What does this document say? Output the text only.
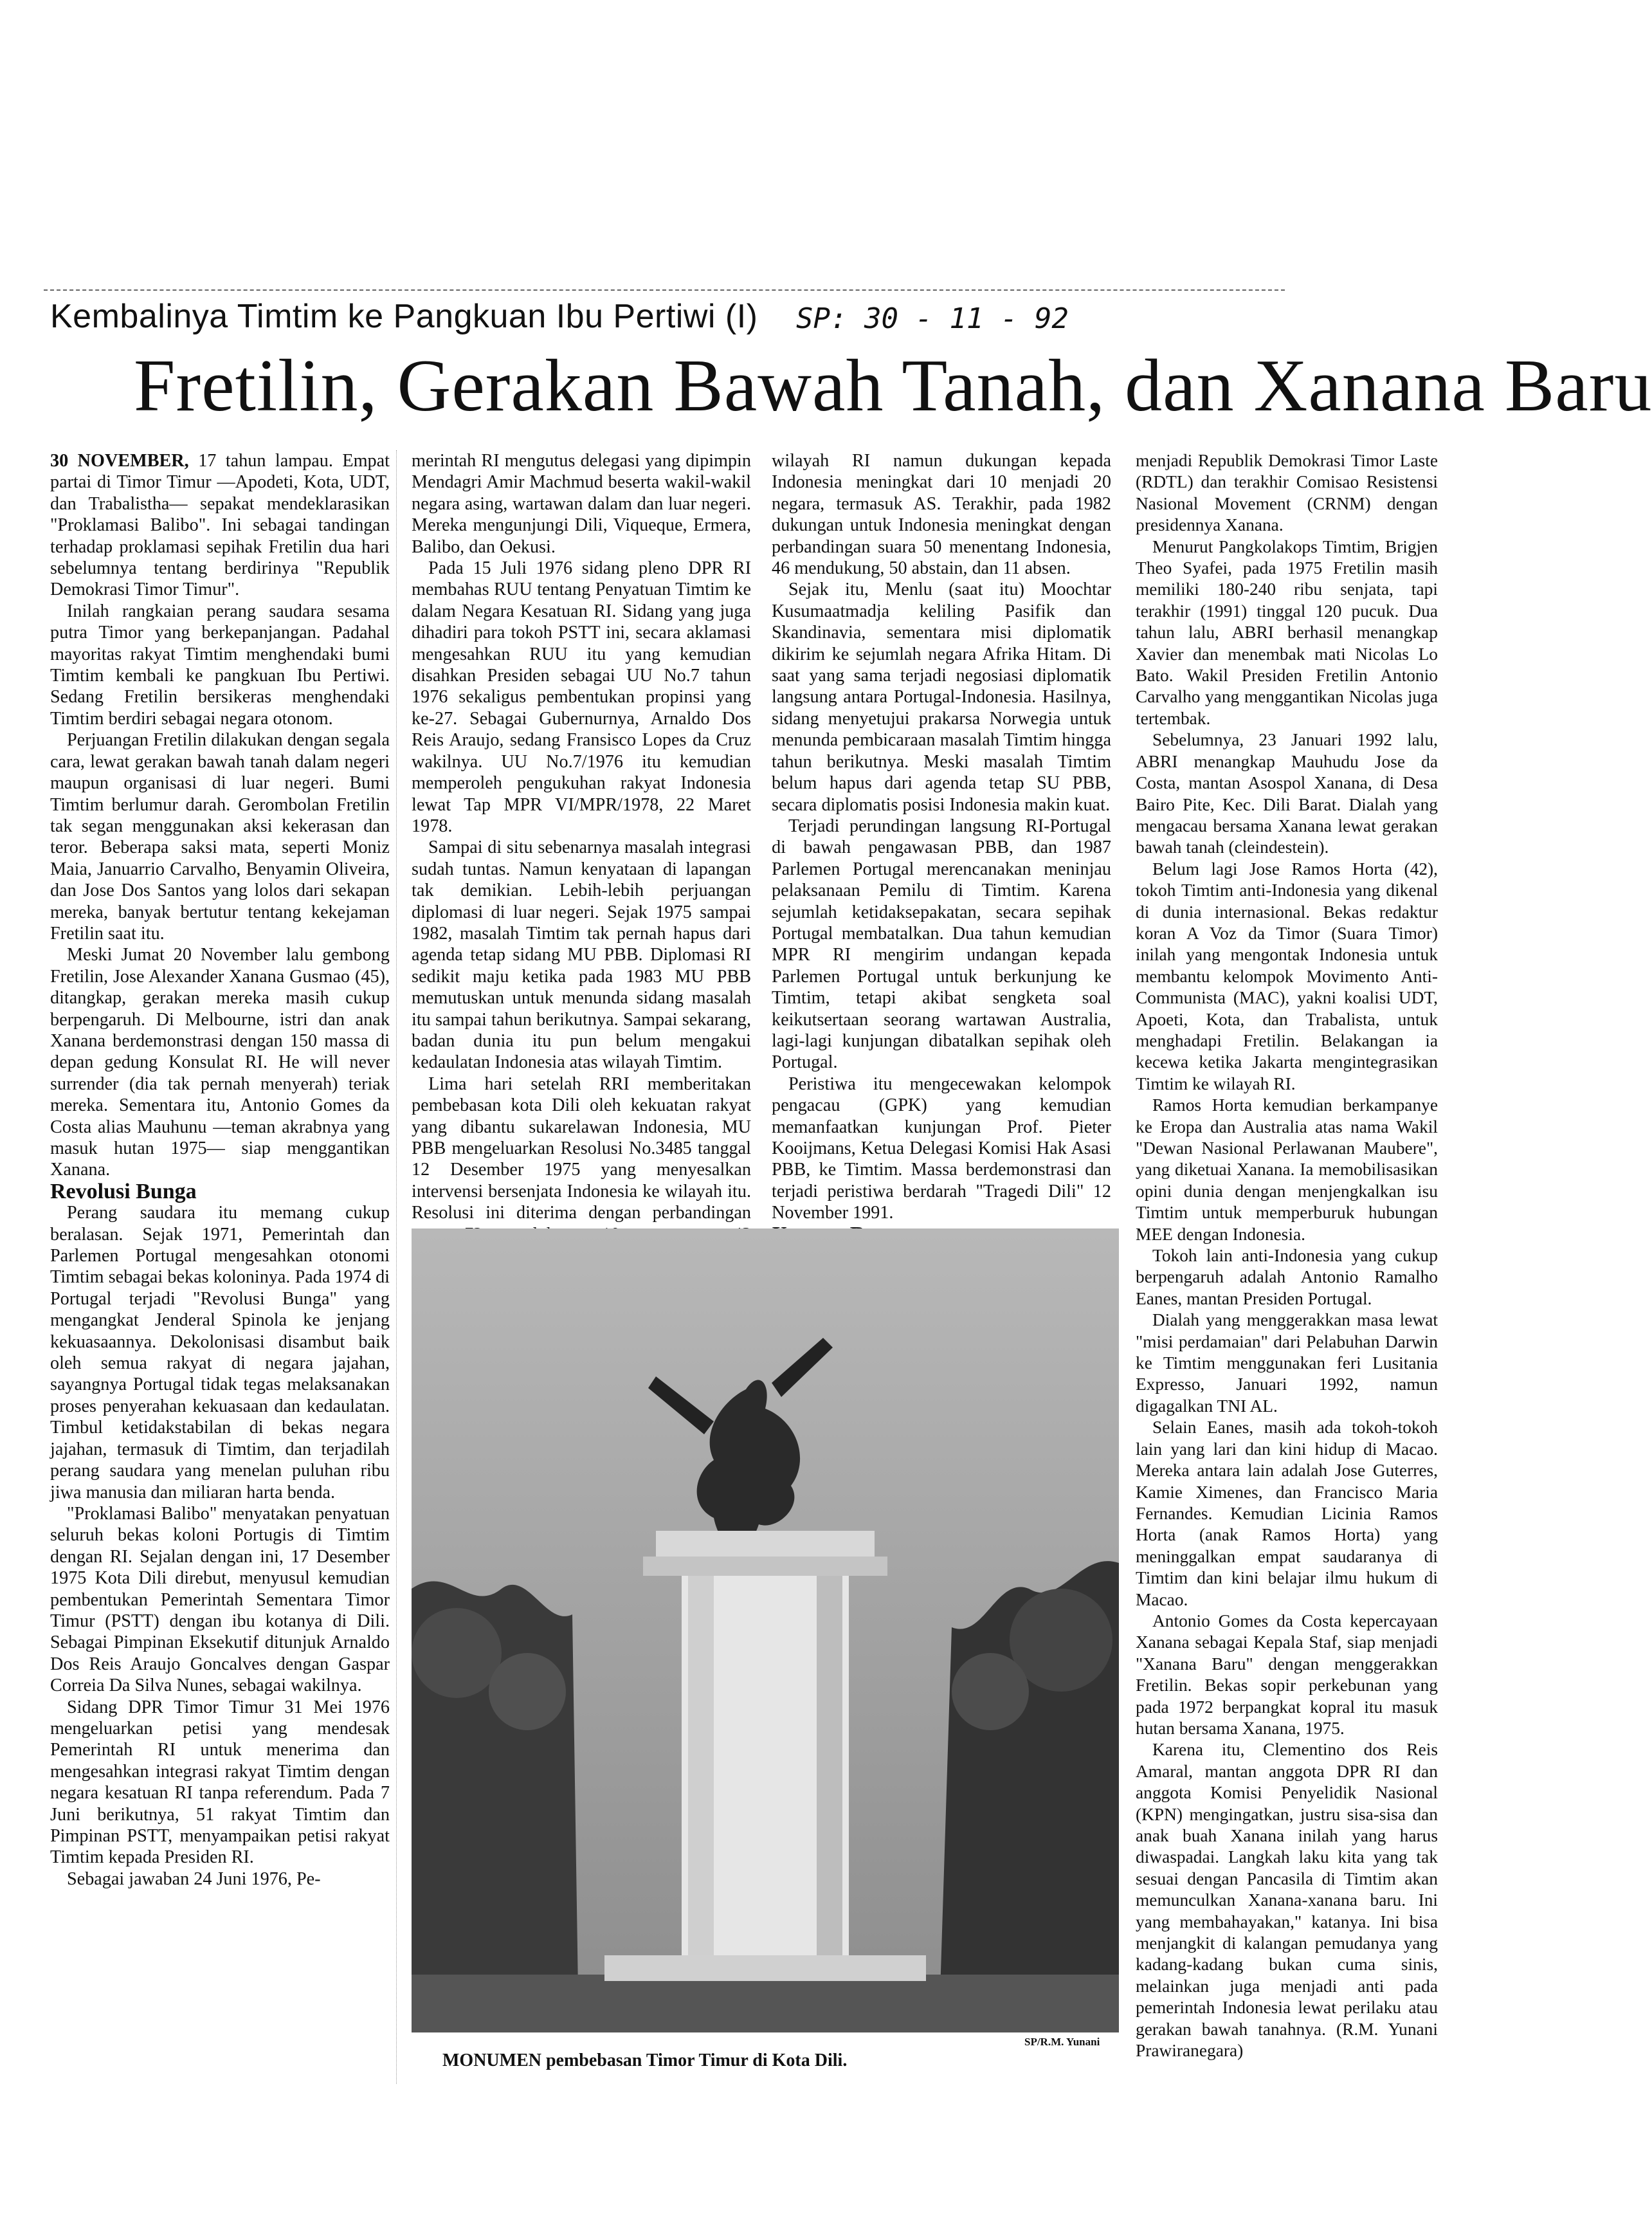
Kembalinya Timtim ke Pangkuan Ibu Pertiwi (I) SP: 30 - 11 - 92
Fretilin, Gerakan Bawah Tanah, dan Xanana Baru

30 NOVEMBER, 17 tahun lampau. Empat partai di Timor Timur —Apodeti, Kota, UDT, dan Trabalistha— sepakat mendeklarasikan "Proklamasi Balibo". Ini sebagai tandingan terhadap proklamasi sepihak Fretilin dua hari sebelumnya tentang berdirinya "Republik Demokrasi Timor Timur".

Inilah rangkaian perang saudara sesama putra Timor yang berkepanjangan. Padahal mayoritas rakyat Timtim menghendaki bumi Timtim kembali ke pangkuan Ibu Pertiwi. Sedang Fretilin bersikeras menghendaki Timtim berdiri sebagai negara otonom.

Perjuangan Fretilin dilakukan dengan segala cara, lewat gerakan bawah tanah dalam negeri maupun organisasi di luar negeri. Bumi Timtim berlumur darah. Gerombolan Fretilin tak segan menggunakan aksi kekerasan dan teror. Beberapa saksi mata, seperti Moniz Maia, Januarrio Carvalho, Benyamin Oliveira, dan Jose Dos Santos yang lolos dari sekapan mereka, banyak bertutur tentang kekejaman Fretilin saat itu.

Meski Jumat 20 November lalu gembong Fretilin, Jose Alexander Xanana Gusmao (45), ditangkap, gerakan mereka masih cukup berpengaruh. Di Melbourne, istri dan anak Xanana berdemonstrasi dengan 150 massa di depan gedung Konsulat RI. He will never surrender (dia tak pernah menyerah) teriak mereka. Sementara itu, Antonio Gomes da Costa alias Mauhunu —teman akrabnya yang masuk hutan 1975— siap menggantikan Xanana.

Revolusi Bunga

Perang saudara itu memang cukup beralasan. Sejak 1971, Pemerintah dan Parlemen Portugal mengesahkan otonomi Timtim sebagai bekas koloninya. Pada 1974 di Portugal terjadi "Revolusi Bunga" yang mengangkat Jenderal Spinola ke jenjang kekuasaannya. Dekolonisasi disambut baik oleh semua rakyat di negara jajahan, sayangnya Portugal tidak tegas melaksanakan proses penyerahan kekuasaan dan kedaulatan. Timbul ketidakstabilan di bekas negara jajahan, termasuk di Timtim, dan terjadilah perang saudara yang menelan puluhan ribu jiwa manusia dan miliaran harta benda.

"Proklamasi Balibo" menyatakan penyatuan seluruh bekas koloni Portugis di Timtim dengan RI. Sejalan dengan ini, 17 Desember 1975 Kota Dili direbut, menyusul kemudian pembentukan Pemerintah Sementara Timor Timur (PSTT) dengan ibu kotanya di Dili. Sebagai Pimpinan Eksekutif ditunjuk Arnaldo Dos Reis Araujo Goncalves dengan Gaspar Correia Da Silva Nunes, sebagai wakilnya.

Sidang DPR Timor Timur 31 Mei 1976 mengeluarkan petisi yang mendesak Pemerintah RI untuk menerima dan mengesahkan integrasi rakyat Timtim dengan negara kesatuan RI tanpa referendum. Pada 7 Juni berikutnya, 51 rakyat Timtim dan Pimpinan PSTT, menyampaikan petisi rakyat Timtim kepada Presiden RI.

Sebagai jawaban 24 Juni 1976, Pe-

merintah RI mengutus delegasi yang dipimpin Mendagri Amir Machmud beserta wakil-wakil negara asing, wartawan dalam dan luar negeri. Mereka mengunjungi Dili, Viqueque, Ermera, Balibo, dan Oekusi.

Pada 15 Juli 1976 sidang pleno DPR RI membahas RUU tentang Penyatuan Timtim ke dalam Negara Kesatuan RI. Sidang yang juga dihadiri para tokoh PSTT ini, secara aklamasi mengesahkan RUU itu yang kemudian disahkan Presiden sebagai UU No.7 tahun 1976 sekaligus pembentukan propinsi yang ke-27. Sebagai Gubernurnya, Arnaldo Dos Reis Araujo, sedang Fransisco Lopes da Cruz wakilnya. UU No.7/1976 itu kemudian memperoleh pengukuhan rakyat Indonesia lewat Tap MPR VI/MPR/1978, 22 Maret 1978.

Sampai di situ sebenarnya masalah integrasi sudah tuntas. Namun kenyataan di lapangan tak demikian. Lebih-lebih perjuangan diplomasi di luar negeri. Sejak 1975 sampai 1982, masalah Timtim tak pernah hapus dari agenda tetap sidang MU PBB. Diplomasi RI sedikit maju ketika pada 1983 MU PBB memutuskan untuk menunda sidang masalah itu sampai tahun berikutnya. Sampai sekarang, badan dunia itu pun belum mengakui kedaulatan Indonesia atas wilayah Timtim.

Lima hari setelah RRI memberitakan pembebasan kota Dili oleh kekuatan rakyat yang dibantu sukarelawan Indonesia, MU PBB mengeluarkan Resolusi No.3485 tanggal 12 Desember 1975 yang menyesalkan intervensi bersenjata Indonesia ke wilayah itu. Resolusi ini diterima dengan perbandingan

wilayah RI namun dukungan kepada Indonesia meningkat dari 10 menjadi 20 negara, termasuk AS. Terakhir, pada 1982 dukungan untuk Indonesia meningkat dengan perbandingan suara 50 menentang Indonesia, 46 mendukung, 50 abstain, dan 11 absen.

Sejak itu, Menlu (saat itu) Moochtar Kusumaatmadja keliling Pasifik dan Skandinavia, sementara misi diplomatik dikirim ke sejumlah negara Afrika Hitam. Di saat yang sama terjadi negosiasi diplomatik langsung antara Portugal-Indonesia. Hasilnya, sidang menyetujui prakarsa Norwegia untuk menunda pembicaraan masalah Timtim hingga tahun berikutnya. Meski masalah Timtim belum hapus dari agenda tetap SU PBB, secara diplomatis posisi Indonesia makin kuat.

Terjadi perundingan langsung RI-Portugal di bawah pengawasan PBB, dan 1987 Parlemen Portugal merencanakan meninjau pelaksanaan Pemilu di Timtim. Karena sejumlah ketidaksepakatan, secara sepihak Portugal membatalkan. Dua tahun kemudian MPR RI mengirim undangan kepada Parlemen Portugal untuk berkunjung ke Timtim, tetapi akibat sengketa soal keikutsertaan seorang wartawan Australia, lagi-lagi kunjungan dibatalkan sepihak oleh Portugal.

Peristiwa itu mengecewakan kelompok pengacau (GPK) yang kemudian memanfaatkan kunjungan Prof. Pieter Kooijmans, Ketua Delegasi Komisi Hak Asasi PBB, ke Timtim. Massa berdemonstrasi dan terjadi peristiwa berdarah "Tragedi Dili" 12 November 1991.

menjadi Republik Demokrasi Timor Laste (RDTL) dan terakhir Comisao Resistensi Nasional Movement (CRNM) dengan presidennya Xanana.

Menurut Pangkolakops Timtim, Brigjen Theo Syafei, pada 1975 Fretilin masih memiliki 180-240 ribu senjata, tapi terakhir (1991) tinggal 120 pucuk. Dua tahun lalu, ABRI berhasil menangkap Xavier dan menembak mati Nicolas Lo Bato. Wakil Presiden Fretilin Antonio Carvalho yang menggantikan Nicolas juga tertembak.

Sebelumnya, 23 Januari 1992 lalu, ABRI menangkap Mauhudu Jose da Costa, mantan Asospol Xanana, di Desa Bairo Pite, Kec. Dili Barat. Dialah yang mengacau bersama Xanana lewat gerakan bawah tanah (cleindestein).

Belum lagi Jose Ramos Horta (42), tokoh Timtim anti-Indonesia yang dikenal di dunia internasional. Bekas redaktur koran A Voz da Timor (Suara Timor) inilah yang mengontak Indonesia untuk membantu kelompok Movimento Anti-Communista (MAC), yakni koalisi UDT, Apoeti, Kota, dan Trabalista, untuk menghadapi Fretilin. Belakangan ia kecewa ketika Jakarta mengintegrasikan Timtim ke wilayah RI.

Ramos Horta kemudian berkampanye ke Eropa dan Australia atas nama Wakil "Dewan Nasional Perlawanan Maubere", yang diketuai Xanana. Ia memobilisasikan opini dunia dengan menjengkalkan isu Timtim untuk memperburuk hubungan MEE dengan Indonesia.

Tokoh lain anti-Indonesia yang cukup berpengaruh adalah Antonio Ramalho Eanes, mantan Presiden Portugal.

Dialah yang menggerakkan masa lewat "misi perdamaian" dari Pelabuhan Darwin ke Timtim menggunakan feri Lusitania Expresso, Januari 1992, namun digagalkan TNI AL.

Selain Eanes, masih ada tokoh-tokoh lain yang lari dan kini hidup di Macao. Mereka antara lain adalah Jose Guterres, Kamie Ximenes, dan Francisco Maria Fernandes. Kemudian Licinia Ramos Horta (anak Ramos Horta) yang meninggalkan empat saudaranya di Timtim dan kini belajar ilmu hukum di Macao.

Antonio Gomes da Costa kepercayaan Xanana sebagai Kepala Staf, siap menjadi "Xanana Baru" dengan menggerakkan Fretilin. Bekas sopir perkebunan yang pada 1972 berpangkat kopral itu masuk hutan bersama Xanana, 1975.

Karena itu, Clementino dos Reis Amaral, mantan anggota DPR RI dan anggota Komisi Penyelidik Nasional (KPN) mengingatkan, justru sisa-sisa dan anak buah Xanana inilah yang harus diwaspadai. Langkah laku kita yang tak sesuai dengan Pancasila di Timtim akan memunculkan Xanana-xanana baru. Ini yang membahayakan," katanya. Ini bisa menjangkit di kalangan pemudanya yang kadang-kadang bukan cuma sinis, melainkan juga menjadi anti pada pemerintah Indonesia lewat perilaku atau gerakan bawah tanahnya. (R.M. Yunani Prawiranegara)

SP/R.M. Yunani
MONUMEN pembebasan Timor Timur di Kota Dili.
